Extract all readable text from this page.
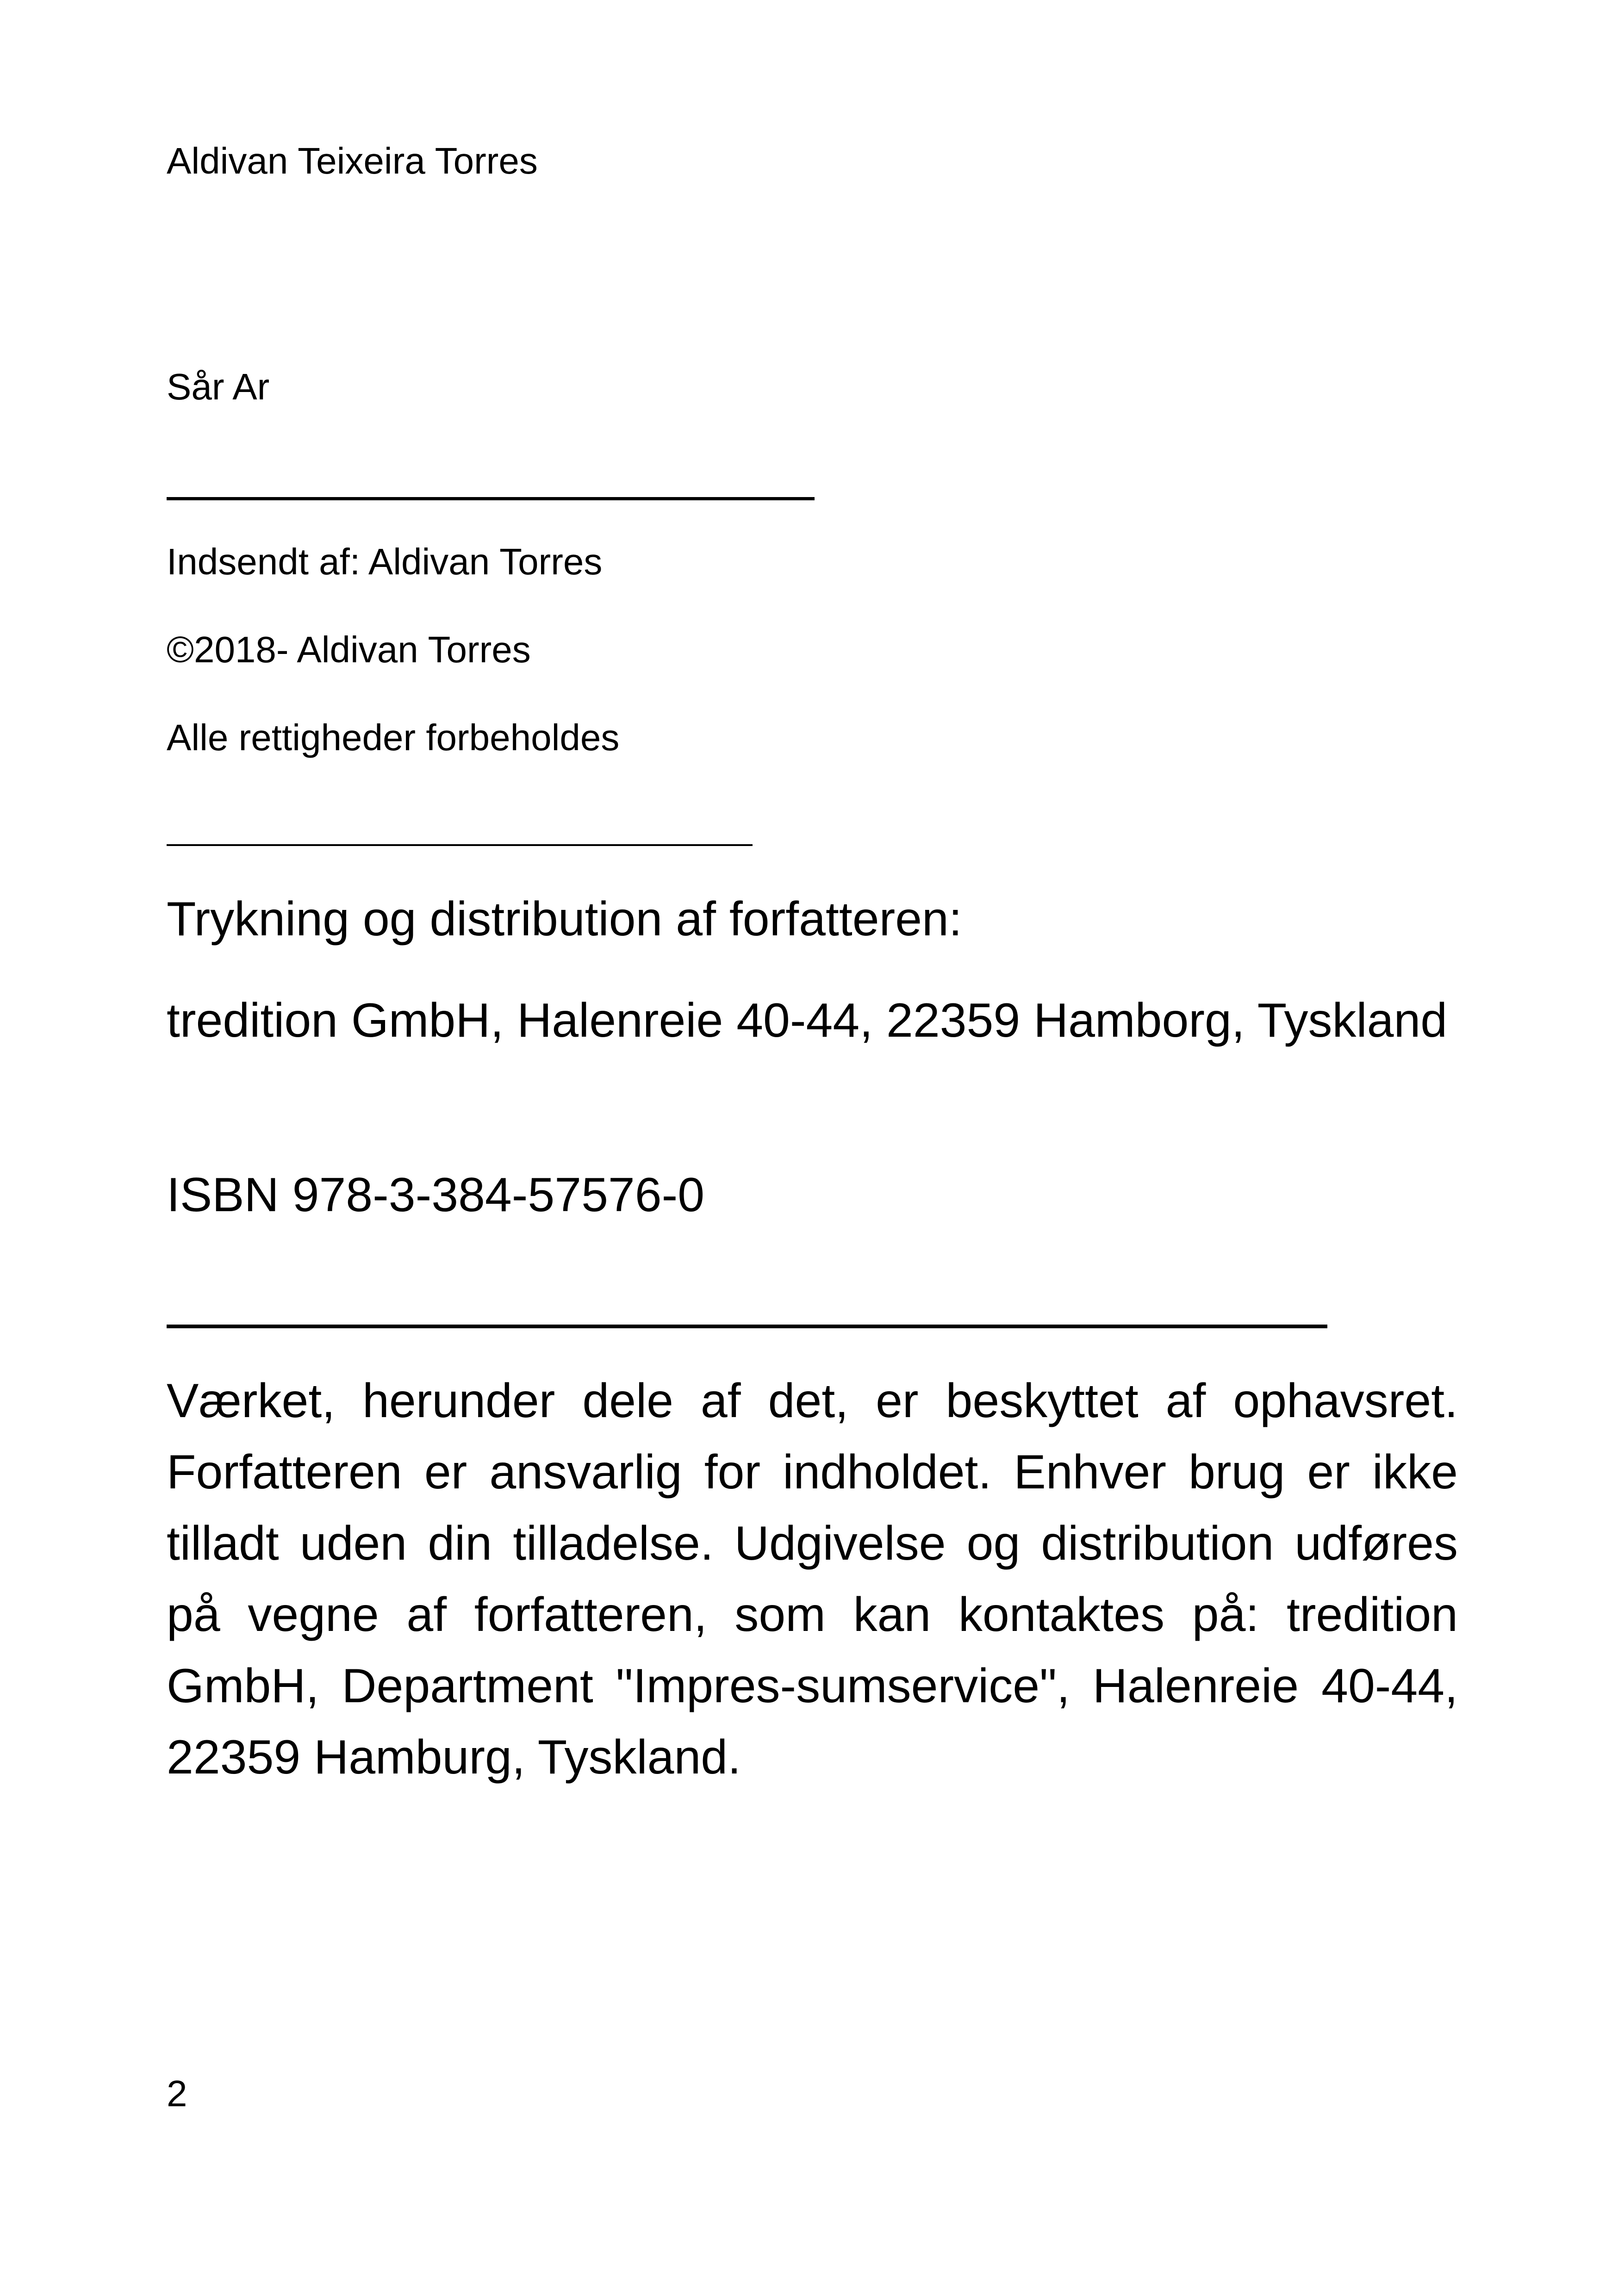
Aldivan Teixeira Torres

Sår Ar

Indsendt af: Aldivan Torres

©2018- Aldivan Torres

Alle rettigheder forbeholdes

Trykning og distribution af forfatteren:

tredition GmbH, Halenreie 40-44, 22359 Hamborg, Tyskland

ISBN 978-3-384-57576-0

Værket, herunder dele af det, er beskyttet af ophavsret. Forfatteren er ansvarlig for indholdet. Enhver brug er ikke tilladt uden din tilladelse. Udgivelse og distribution udføres på vegne af forfatteren, som kan kontaktes på: tredition GmbH, Department "Impres-sumservice", Halenreie 40-44, 22359 Hamburg, Tyskland.

2
